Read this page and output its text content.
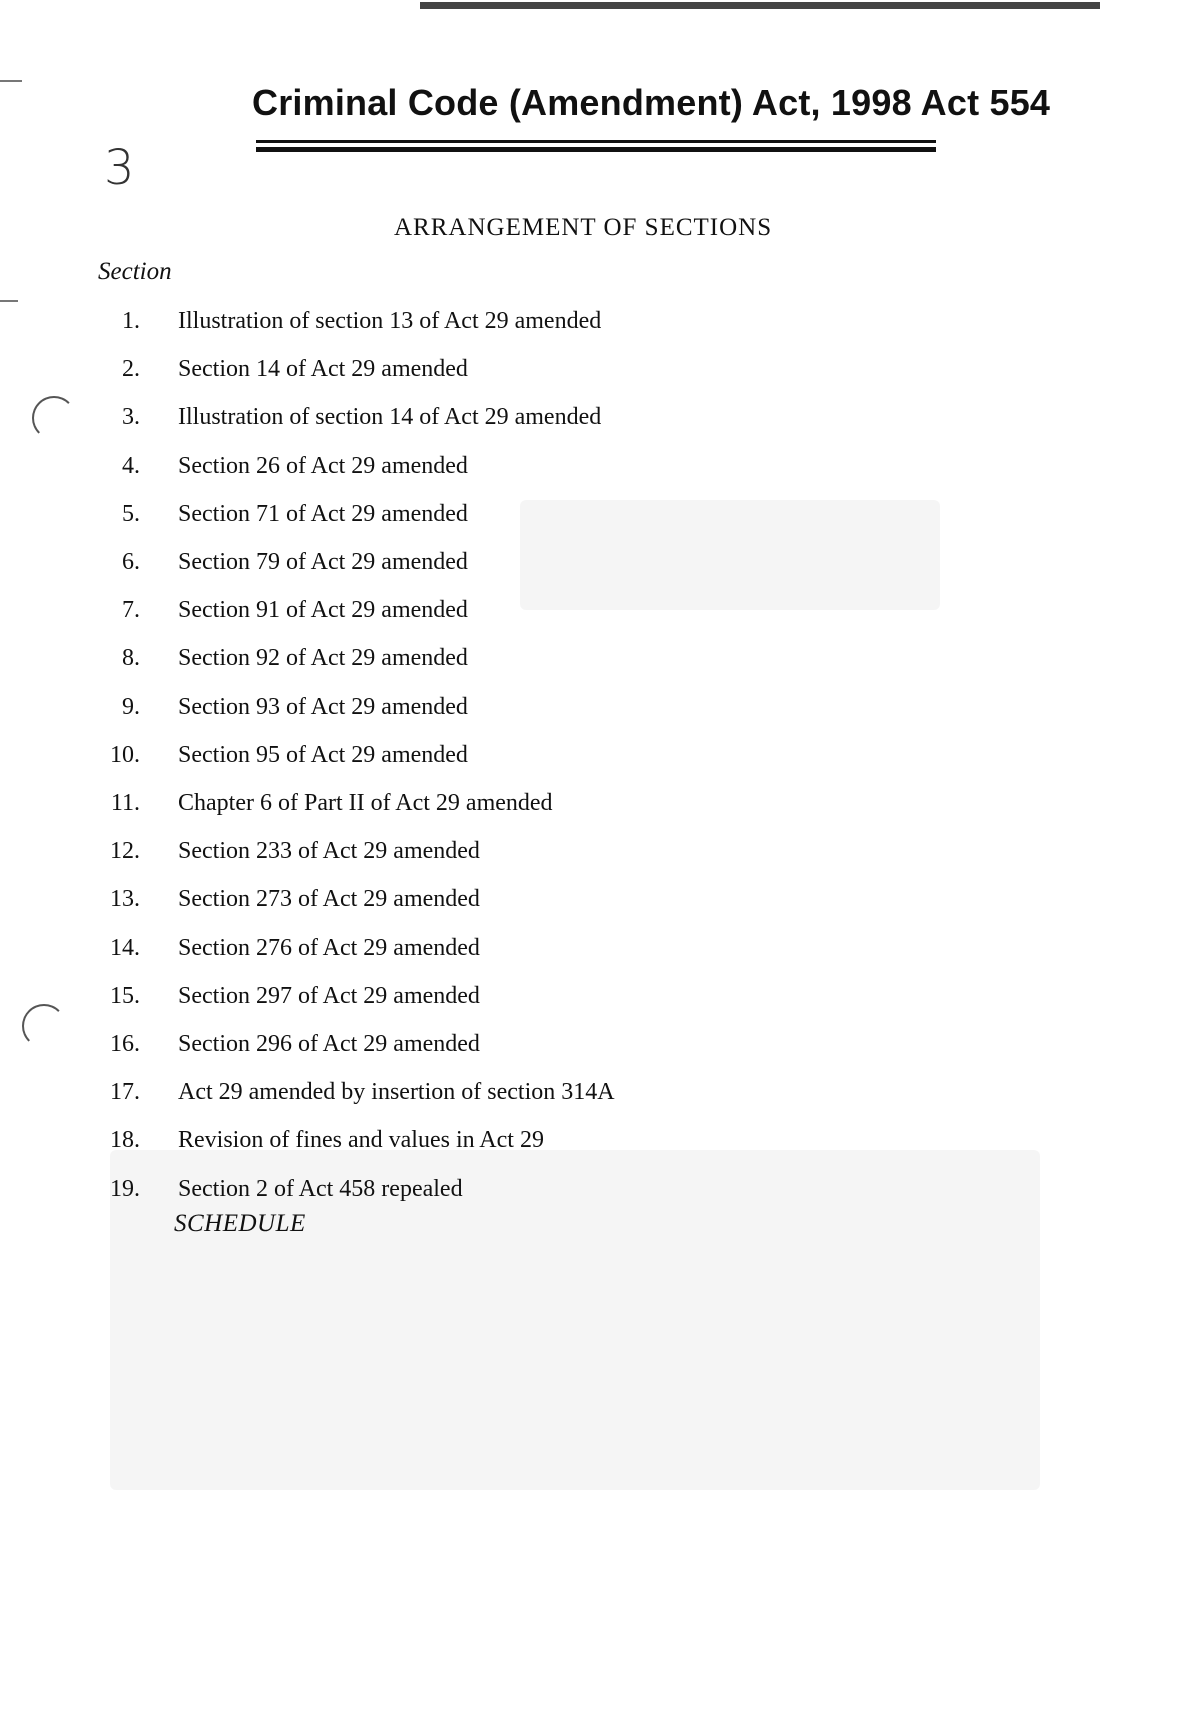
Criminal Code (Amendment) Act, 1998 Act 554
3
ARRANGEMENT OF SECTIONS
Section
1. Illustration of section 13 of Act 29 amended
2. Section 14 of Act 29 amended
3. Illustration of section 14 of Act 29 amended
4. Section 26 of Act 29 amended
5. Section 71 of Act 29 amended
6. Section 79 of Act 29 amended
7. Section 91 of Act 29 amended
8. Section 92 of Act 29 amended
9. Section 93 of Act 29 amended
10. Section 95 of Act 29 amended
11. Chapter 6 of Part II of Act 29 amended
12. Section 233 of Act 29 amended
13. Section 273 of Act 29 amended
14. Section 276 of Act 29 amended
15. Section 297 of Act 29 amended
16. Section 296 of Act 29 amended
17. Act 29 amended by insertion of section 314A
18. Revision of fines and values in Act 29
19. Section 2 of Act 458 repealed
SCHEDULE
